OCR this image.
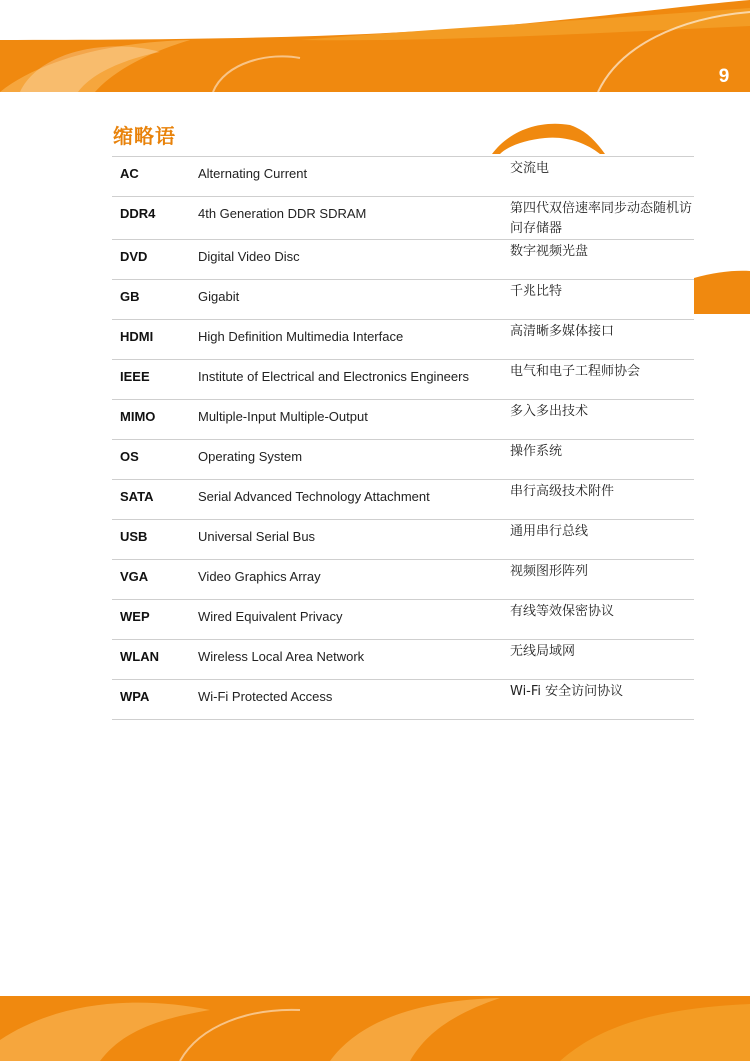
9
缩略语
AC	Alternating Current	交流电
DDR4	4th Generation DDR SDRAM	第四代双倍速率同步动态随机访问存储器
DVD	Digital Video Disc	数字视频光盘
GB	Gigabit	千兆比特
HDMI	High Definition Multimedia Interface	高清晰多媒体接口
IEEE	Institute of Electrical and Electronics Engineers	电气和电子工程师协会
MIMO	Multiple-Input Multiple-Output	多入多出技术
OS	Operating System	操作系统
SATA	Serial Advanced Technology Attachment	串行高级技术附件
USB	Universal Serial Bus	通用串行总线
VGA	Video Graphics Array	视频图形阵列
WEP	Wired Equivalent Privacy	有线等效保密协议
WLAN	Wireless Local Area Network	无线局域网
WPA	Wi-Fi Protected Access	Wi-Fi 安全访问协议
